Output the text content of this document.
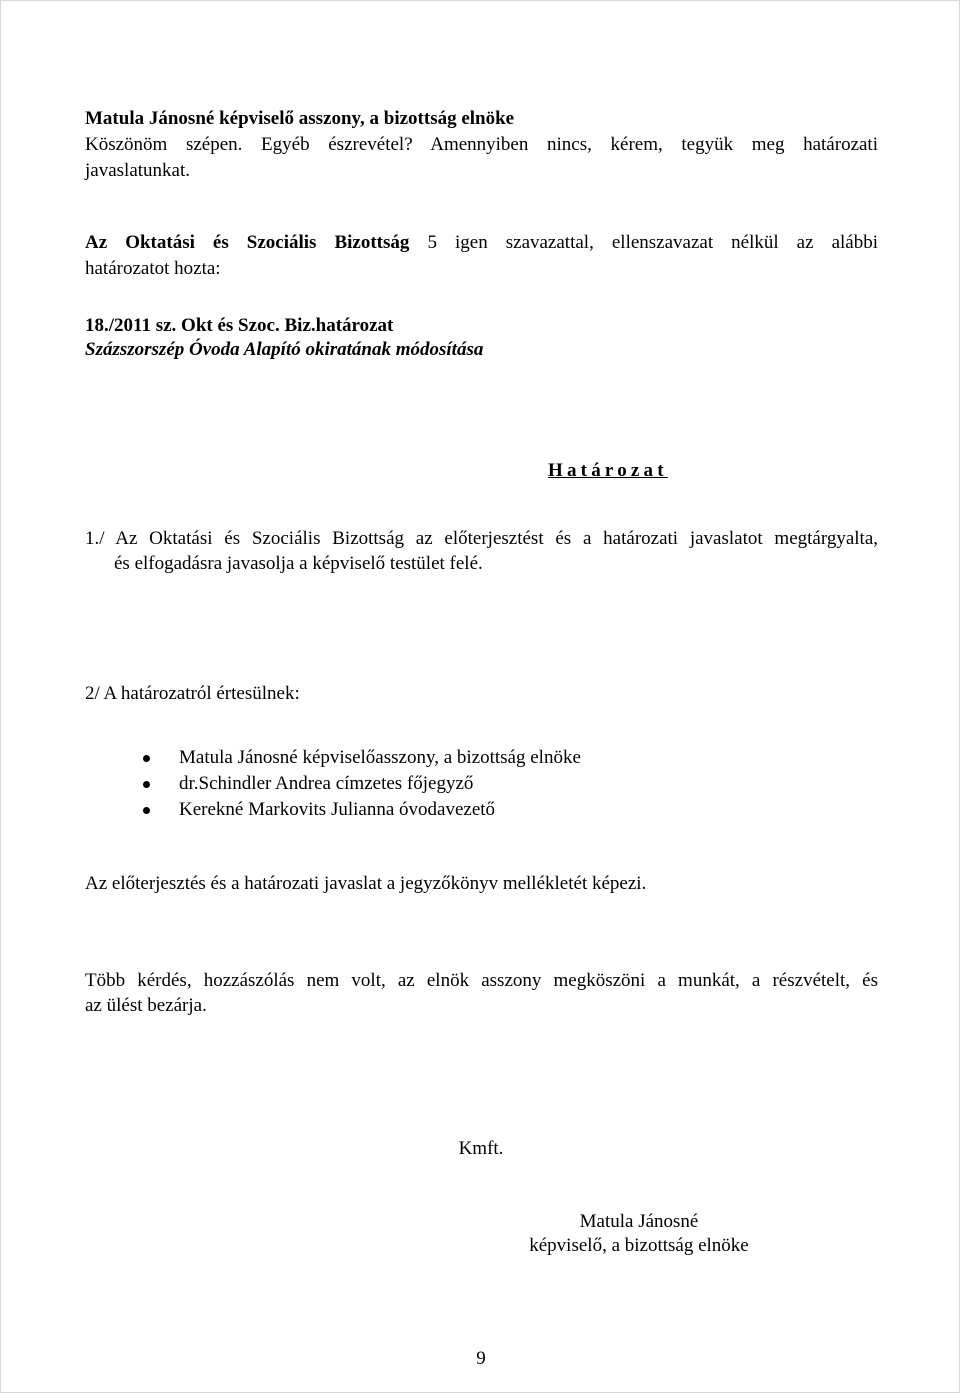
Matula Jánosné képviselő asszony, a bizottság elnöke
Köszönöm szépen. Egyéb észrevétel? Amennyiben nincs, kérem, tegyük meg határozati
javaslatunkat.
Az Oktatási és Szociális Bizottság 5 igen szavazattal, ellenszavazat nélkül az alábbi
határozatot hozta:
18./2011 sz. Okt és Szoc. Biz.határozat
Százszorszép Óvoda Alapító okiratának módosítása
Határozat
1./ Az Oktatási és Szociális Bizottság az előterjesztést és a határozati javaslatot megtárgyalta,
és elfogadásra javasolja a képviselő testület felé.
2/ A határozatról értesülnek:
Matula Jánosné képviselőasszony, a bizottság elnöke
dr.Schindler Andrea címzetes főjegyző
Kerekné Markovits Julianna óvodavezető
Az előterjesztés és a határozati javaslat a jegyzőkönyv mellékletét képezi.
Több kérdés, hozzászólás nem volt, az elnök asszony megköszöni a munkát, a részvételt, és
az ülést bezárja.
Kmft.
Matula Jánosné
képviselő, a bizottság elnöke
9
